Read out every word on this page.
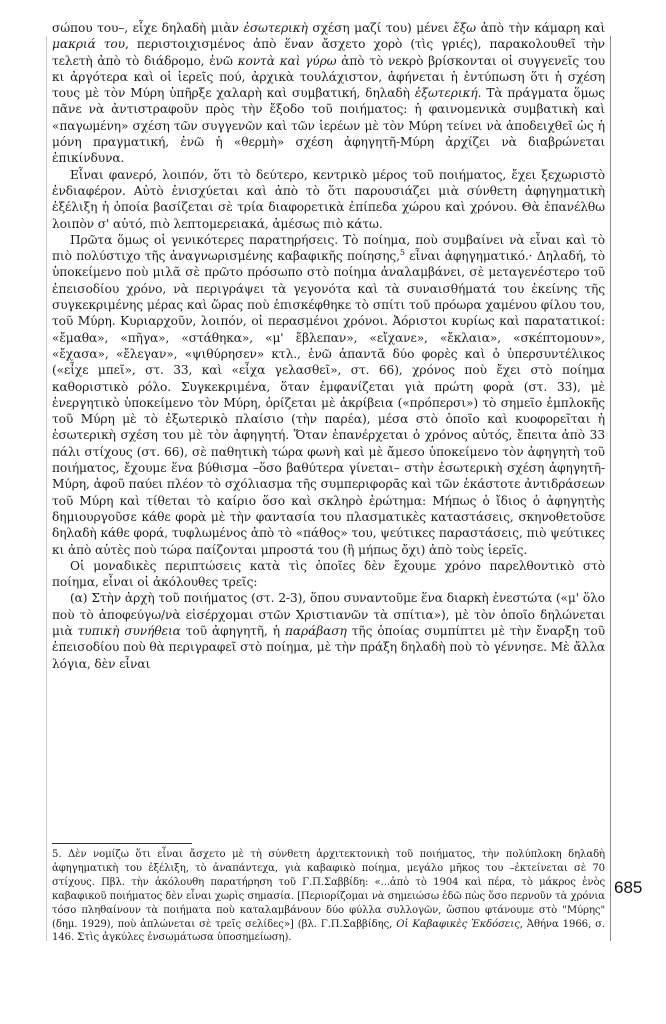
σώπου του–, εἶχε δηλαδὴ μιὰν ἐσωτερικὴ σχέση μαζί του) μένει ἔξω ἀπὸ τὴν κάμαρη καὶ μακριά του, περιστοιχισμένος ἀπὸ ἕναν ἄσχετο χορὸ (τὶς γριές), παρακολουθεῖ τὴν τελετὴ ἀπὸ τὸ διάδρομο, ἐνῶ κοντὰ καὶ γύρω ἀπὸ τὸ νεκρὸ βρίσκονται οἱ συγγενεῖς του κι ἀργότερα καὶ οἱ ἱερεῖς πού, ἀρχικὰ τουλάχιστον, ἀφήνεται ἡ ἐντύπωση ὅτι ἡ σχέση τους μὲ τὸν Μύρη ὑπῆρξε χαλαρὴ καὶ συμβατική, δηλαδὴ ἐξωτερική. Τὰ πράγματα ὅμως πᾶνε νὰ ἀντιστραφοῦν πρὸς τὴν ἔξοδο τοῦ ποιήματος: ἡ φαινομενικὰ συμβατικὴ καὶ «παγωμένη» σχέση τῶν συγγενῶν καὶ τῶν ἱερέων μὲ τὸν Μύρη τείνει νὰ ἀποδειχθεῖ ὡς ἡ μόνη πραγματική, ἐνῶ ἡ «θερμὴ» σχέση ἀφηγητῆ-Μύρη ἀρχίζει νὰ διαβρώνεται ἐπικίνδυνα.

Εἶναι φανερό, λοιπόν, ὅτι τὸ δεύτερο, κεντρικὸ μέρος τοῦ ποιήματος, ἔχει ξεχωριστὸ ἐνδιαφέρον. Αὐτὸ ἐνισχύεται καὶ ἀπὸ τὸ ὅτι παρουσιάζει μιὰ σύνθετη ἀφηγηματικὴ ἐξέλιξη ἡ ὁποία βασίζεται σὲ τρία διαφορετικὰ ἐπίπεδα χώρου καὶ χρόνου. Θὰ ἐπανέλθω λοιπὸν σ' αὐτό, πιὸ λεπτομερειακά, ἀμέσως πιὸ κάτω.

Πρῶτα ὅμως οἱ γενικότερες παρατηρήσεις. Τὸ ποίημα, ποὺ συμβαίνει νὰ εἶναι καὶ τὸ πιὸ πολύστιχο τῆς ἀναγνωρισμένης καβαφικῆς ποίησης,$^5$ εἶναι ἀφηγηματικό.· Δηλαδή, τὸ ὑποκείμενο ποὺ μιλᾶ σὲ πρῶτο πρόσωπο στὸ ποίημα ἀναλαμβάνει, σὲ μεταγενέστερο τοῦ ἐπεισοδίου χρόνο, νὰ περιγράψει τὰ γεγονότα καὶ τὰ συναισθήματά του ἐκείνης τῆς συγκεκριμένης μέρας καὶ ὥρας ποὺ ἐπισκέφθηκε τὸ σπίτι τοῦ πρόωρα χαμένου φίλου του, τοῦ Μύρη. Κυριαρχοῦν, λοιπόν, οἱ περασμένοι χρόνοι. Ἀόριστοι κυρίως καὶ παρατατικοί: «ἔμαθα», «πῆγα», «στάθηκα», «μ' ἔβλεπαν», «εἴχανε», «ἔκλαια», «σκέπτομουν», «ἔχασα», «ἔλεγαν», «ψιθύρησεν» κτλ., ἐνῶ ἀπαντᾶ δύο φορὲς καὶ ὁ ὑπερσυντέλικος («εἶχε μπεῖ», στ. 33, καὶ «εἶχα γελασθεῖ», στ. 66), χρόνος ποὺ ἔχει στὸ ποίημα καθοριστικὸ ρόλο. Συγκεκριμένα, ὅταν ἐμφανίζεται γιὰ πρώτη φορὰ (στ. 33), μὲ ἐνεργητικὸ ὑποκείμενο τὸν Μύρη, ὁρίζεται μὲ ἀκρίβεια («πρόπερσι») τὸ σημεῖο ἐμπλοκῆς τοῦ Μύρη μὲ τὸ ἐξωτερικὸ πλαίσιο (τὴν παρέα), μέσα στὸ ὁποῖο καὶ κυοφορεῖται ἡ ἐσωτερικὴ σχέση του μὲ τὸν ἀφηγητή. Ὅταν ἐπανέρχεται ὁ χρόνος αὐτός, ἔπειτα ἀπὸ 33 πάλι στίχους (στ. 66), σὲ παθητικὴ τώρα φωνὴ καὶ μὲ ἄμεσο ὑποκείμενο τὸν ἀφηγητὴ τοῦ ποιήματος, ἔχουμε ἕνα βύθισμα –ὅσο βαθύτερα γίνεται– στὴν ἐσωτερικὴ σχέση ἀφηγητῆ- Μύρη, ἀφοῦ παύει πλέον τὸ σχόλιασμα τῆς συμπεριφορᾶς καὶ τῶν ἑκάστοτε ἀντιδράσεων τοῦ Μύρη καὶ τίθεται τὸ καίριο ὅσο καὶ σκληρὸ ἐρώτημα: Μήπως ὁ ἴδιος ὁ ἀφηγητὴς δημιουργοῦσε κάθε φορὰ μὲ τὴν φαντασία του πλασματικὲς καταστάσεις, σκηνοθετοῦσε δηλαδὴ κάθε φορά, τυφλωμένος ἀπὸ τὸ «πάθος» του, ψεύτικες παραστάσεις, πιὸ ψεύτικες κι ἀπὸ αὐτὲς ποὺ τώρα παίζονται μπροστά του (ἢ μήπως ὄχι) ἀπὸ τοὺς ἱερεῖς.

Οἱ μοναδικὲς περιπτώσεις κατὰ τὶς ὁποῖες δὲν ἔχουμε χρόνο παρελθοντικὸ στὸ ποίημα, εἶναι οἱ ἀκόλουθες τρεῖς:

(α) Στὴν ἀρχὴ τοῦ ποιήματος (στ. 2-3), ὅπου συναντοῦμε ἕνα διαρκὴ ἐνεστώτα («μ' ὅλο ποὺ τὸ ἀποφεύγω/νὰ εἰσέρχομαι στῶν Χριστιανῶν τὰ σπίτια»), μὲ τὸν ὁποῖο δηλώνεται μιὰ τυπικὴ συνήθεια τοῦ ἀφηγητῆ, ἡ παράβαση τῆς ὁποίας συμπίπτει μὲ τὴν ἔναρξη τοῦ ἐπεισοδίου ποὺ θὰ περιγραφεῖ στὸ ποίημα, μὲ τὴν πράξη δηλαδὴ ποὺ τὸ γέννησε. Μὲ ἄλλα λόγια, δὲν εἶναι

5. Δὲν νομίζω ὅτι εἶναι ἄσχετο μὲ τὴ σύνθετη ἀρχιτεκτονικὴ τοῦ ποιήματος, τὴν πολύπλοκη δηλαδὴ ἀφηγηματικὴ του ἐξέλιξη, τὸ ἀναπάντεχα, γιὰ καβαφικὸ ποίημα, μεγάλο μῆκος του –ἐκτείνεται σὲ 70 στίχους. Πβλ. τὴν ἀκόλουθη παρατήρηση τοῦ Γ.Π.Σαββίδη: «...ἀπὸ τὸ 1904 καὶ πέρα, τὸ μάκρος ἑνὸς καβαφικοῦ ποιήματος δὲν εἶναι χωρὶς σημασία. [Περιορίζομαι νὰ σημειώσω ἐδῶ πὼς ὅσο περνοῦν τὰ χρόνια τόσο πληθαίνουν τὰ ποιήματα ποὺ καταλαμβάνουν δύο φύλλα συλλογῶν, ὥσπου φτάνουμε στὸ "Μύρης" (δημ. 1929), ποὺ ἁπλώνεται σὲ τρεῖς σελίδες»] (βλ. Γ.Π.Σαββίδης, Οἱ Καβαφικὲς Ἐκδόσεις, Ἀθήνα 1966, σ. 146. Στὶς ἀγκύλες ἐνσωμάτωσα ὑποσημείωση).

685
